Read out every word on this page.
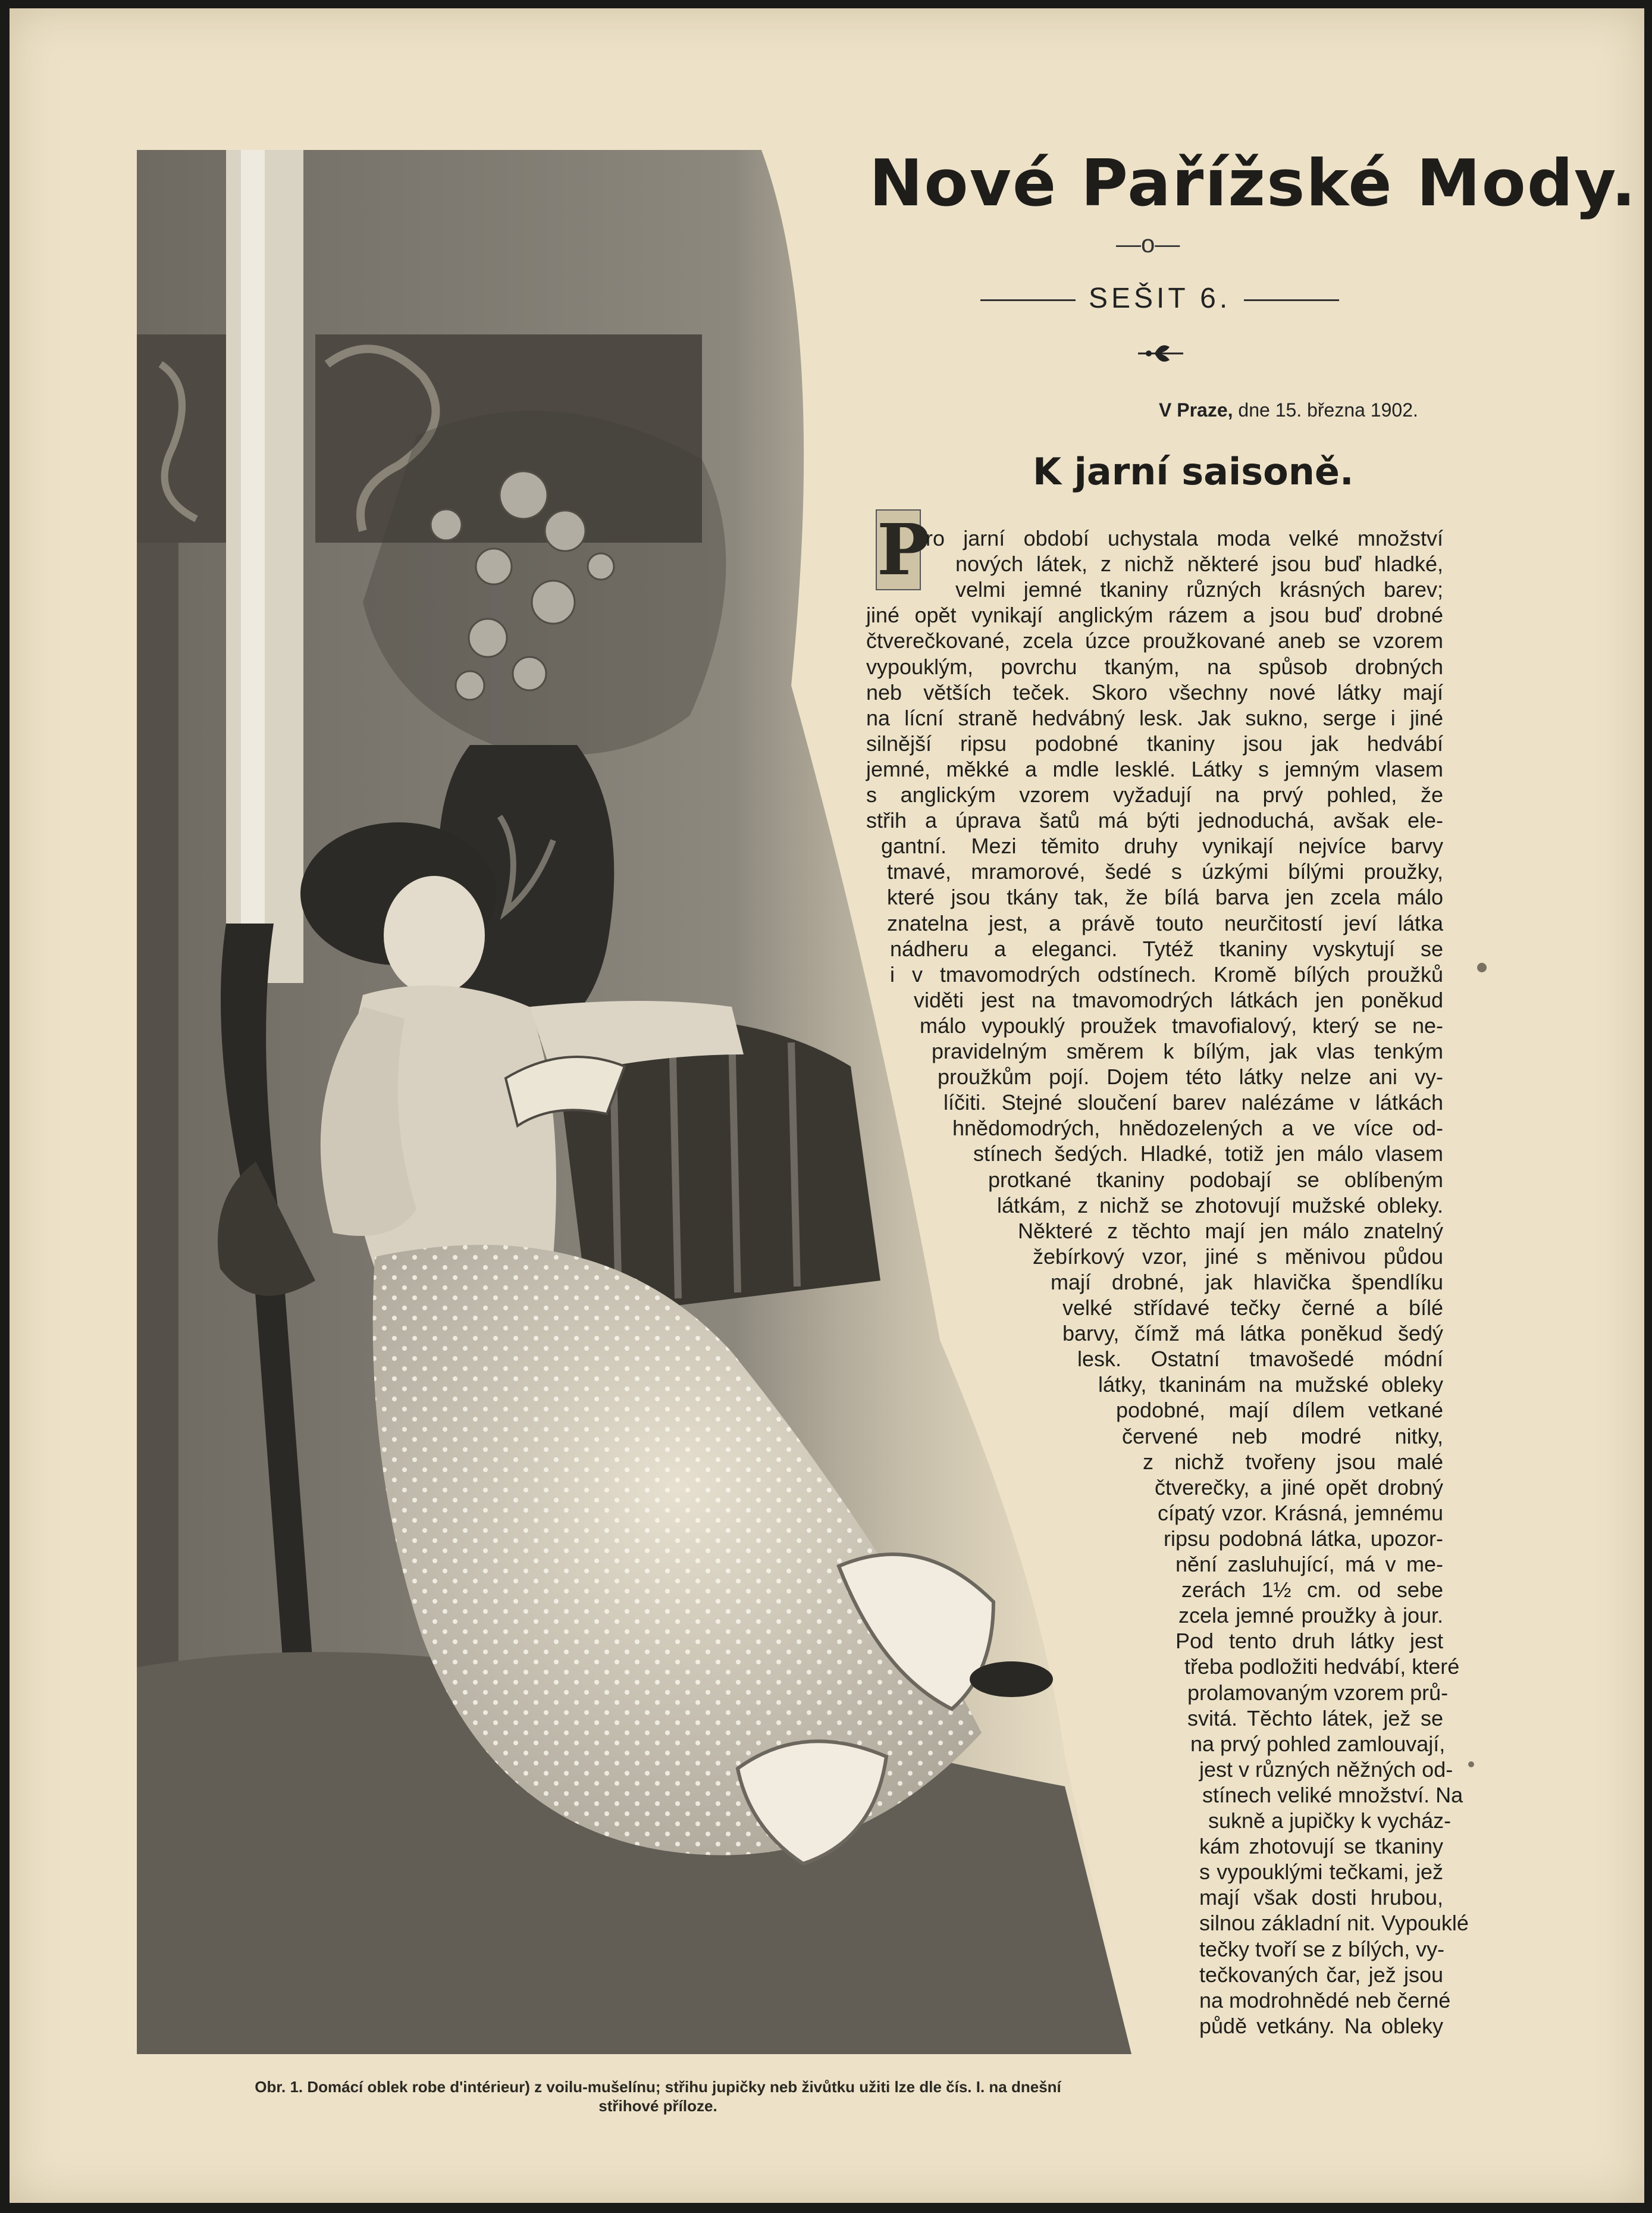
Nové Pařížské Mody.
—o—
SEŠIT 6.
V Praze, dne 15. března 1902.
K jarní saisoně.
P
ro jarní období uchystala moda velké množství
nových látek, z nichž některé jsou buď hladké,
velmi jemné tkaniny různých krásných barev;
jiné opět vynikají anglickým rázem a jsou buď drobné
čtverečkované, zcela úzce proužkované aneb se vzorem
vypouklým, povrchu tkaným, na spůsob drobných
neb větších teček. Skoro všechny nové látky mají
na lícní straně hedvábný lesk. Jak sukno, serge i jiné
silnější ripsu podobné tkaniny jsou jak hedvábí
jemné, měkké a mdle lesklé. Látky s jemným vlasem
s anglickým vzorem vyžadují na prvý pohled, že
střih a úprava šatů má býti jednoduchá, avšak ele-
gantní. Mezi těmito druhy vynikají nejvíce barvy
tmavé, mramorové, šedé s úzkými bílými proužky,
které jsou tkány tak, že bílá barva jen zcela málo
znatelna jest, a právě touto neurčitostí jeví látka
nádheru a eleganci. Tytéž tkaniny vyskytují se
i v tmavomodrých odstínech. Kromě bílých proužků
viděti jest na tmavomodrých látkách jen poněkud
málo vypouklý proužek tmavofialový, který se ne-
pravidelným směrem k bílým, jak vlas tenkým
proužkům pojí. Dojem této látky nelze ani vy-
líčiti. Stejné sloučení barev nalézáme v látkách
hnědomodrých, hnědozelených a ve více od-
stínech šedých. Hladké, totiž jen málo vlasem
protkané tkaniny podobají se oblíbeným
látkám, z nichž se zhotovují mužské obleky.
Některé z těchto mají jen málo znatelný
žebírkový vzor, jiné s měnivou půdou
mají drobné, jak hlavička špendlíku
velké střídavé tečky černé a bílé
barvy, čímž má látka poněkud šedý
lesk. Ostatní tmavošedé módní
látky, tkaninám na mužské obleky
podobné, mají dílem vetkané
červené neb modré nitky,
z nichž tvořeny jsou malé
čtverečky, a jiné opět drobný
cípatý vzor. Krásná, jemnému
ripsu podobná látka, upozor-
nění zasluhující, má v me-
zerách 1½ cm. od sebe
zcela jemné proužky à jour.
Pod tento druh látky jest
třeba podložiti hedvábí, které
prolamovaným vzorem prů-
svitá. Těchto látek, jež se
na prvý pohled zamlouvají,
jest v různých něžných od-
stínech veliké množství. Na
sukně a jupičky k vycház-
kám zhotovují se tkaniny
s vypouklými tečkami, jež
mají však dosti hrubou,
silnou základní nit. Vypouklé
tečky tvoří se z bílých, vy-
tečkovaných čar, jež jsou
na modrohnědé neb černé
půdě vetkány. Na obleky
Obr. 1. Domácí oblek robe d'intérieur) z voilu-mušelínu; střihu jupičky neb živůtku užiti lze dle čís. I. na dnešní
střihové příloze.
